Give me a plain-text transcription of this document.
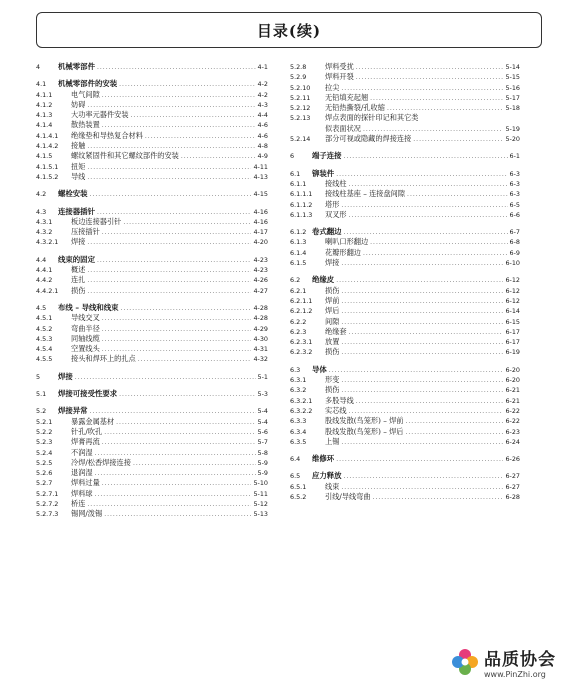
目录(续)
4	机械零部件 .....	4-1
4.1	机械零部件的安装 .....	4-2
4.1.1	电气间隙 .....	4-2
4.1.2	妨碍 .....	4-3
4.1.3	大功率元器件安装 .....	4-4
4.1.4	散热装置 .....	4-6
4.1.4.1	绝缘垫和导热复合材料 .....	4-6
4.1.4.2	接触 .....	4-8
4.1.5	螺纹紧固件和其它螺纹部件的安装 .....	4-9
4.1.5.1	扭矩 .....	4-11
4.1.5.2	导线 .....	4-13
4.2	螺栓安装 .....	4-15
4.3	连接器插针 .....	4-16
4.3.1	板边连接器引针 .....	4-16
4.3.2	压接插针 .....	4-17
4.3.2.1	焊接 .....	4-20
4.4	线束的固定 .....	4-23
4.4.1	概述 .....	4-23
4.4.2	连扎 .....	4-26
4.4.2.1	损伤 .....	4-27
4.5	布线 – 导线和线束 .....	4-28
4.5.1	导线交叉 .....	4-28
4.5.2	弯曲半径 .....	4-29
4.5.3	同轴线缆 .....	4-30
4.5.4	空置线头 .....	4-31
4.5.5	接头和焊环上的扎点 .....	4-32
5	焊接 .....	5-1
5.1	焊接可接受性要求 .....	5-3
5.2	焊接异常 .....	5-4
5.2.1	暴露金属基材 .....	5-4
5.2.2	针孔/吹孔 .....	5-6
5.2.3	焊膏再流 .....	5-7
5.2.4	不润湿 .....	5-8
5.2.5	冷焊/松香焊接连接 .....	5-9
5.2.6	退润湿 .....	5-9
5.2.7	焊料过量 .....	5-10
5.2.7.1	焊料球 .....	5-11
5.2.7.2	桥连 .....	5-12
5.2.7.3	锡网/泼锡 .....	5-13
5.2.8	焊料受扰 .....	5-14
5.2.9	焊料开裂 .....	5-15
5.2.10	拉尖 .....	5-16
5.2.11	无铅填充起翘 .....	5-17
5.2.12	无铅热撕裂/孔收缩 .....	5-18
5.2.13	焊点表面的探针印记和其它类
似表面状况 .....	5-19
5.2.14	部分可视或隐藏的焊接连接 .....	5-20
6	端子连接 .....	6-1
6.1	铆装件 .....	6-3
6.1.1	接线柱 .....	6-3
6.1.1.1	接线柱基座 – 连接盘间隙 .....	6-3
6.1.1.2	塔形 .....	6-5
6.1.1.3	双叉形 .....	6-6
6.1.2 卷式翻边 .....	6-7
6.1.3	喇叭口形翻边 .....	6-8
6.1.4	花瓣形翻边 .....	6-9
6.1.5	焊接 .....	6-10
6.2	绝缘皮 .....	6-12
6.2.1	损伤 .....	6-12
6.2.1.1	焊前 .....	6-12
6.2.1.2	焊后 .....	6-14
6.2.2	间隙 .....	6-15
6.2.3	绝缘套 .....	6-17
6.2.3.1	放置 .....	6-17
6.2.3.2	损伤 .....	6-19
6.3	导体 .....	6-20
6.3.1	形变 .....	6-20
6.3.2	损伤 .....	6-21
6.3.2.1	多股导线 .....	6-21
6.3.2.2	实芯线 .....	6-22
6.3.3	股线发散(鸟笼形) – 焊前 .....	6-22
6.3.4	股线发散(鸟笼形) – 焊后 .....	6-23
6.3.5	上锡 .....	6-24
6.4	维修环 .....	6-26
6.5	应力释放 .....	6-27
6.5.1	线束 .....	6-27
6.5.2	引线/导线弯曲 .....	6-28
品质协会
www.PinZhi.org
